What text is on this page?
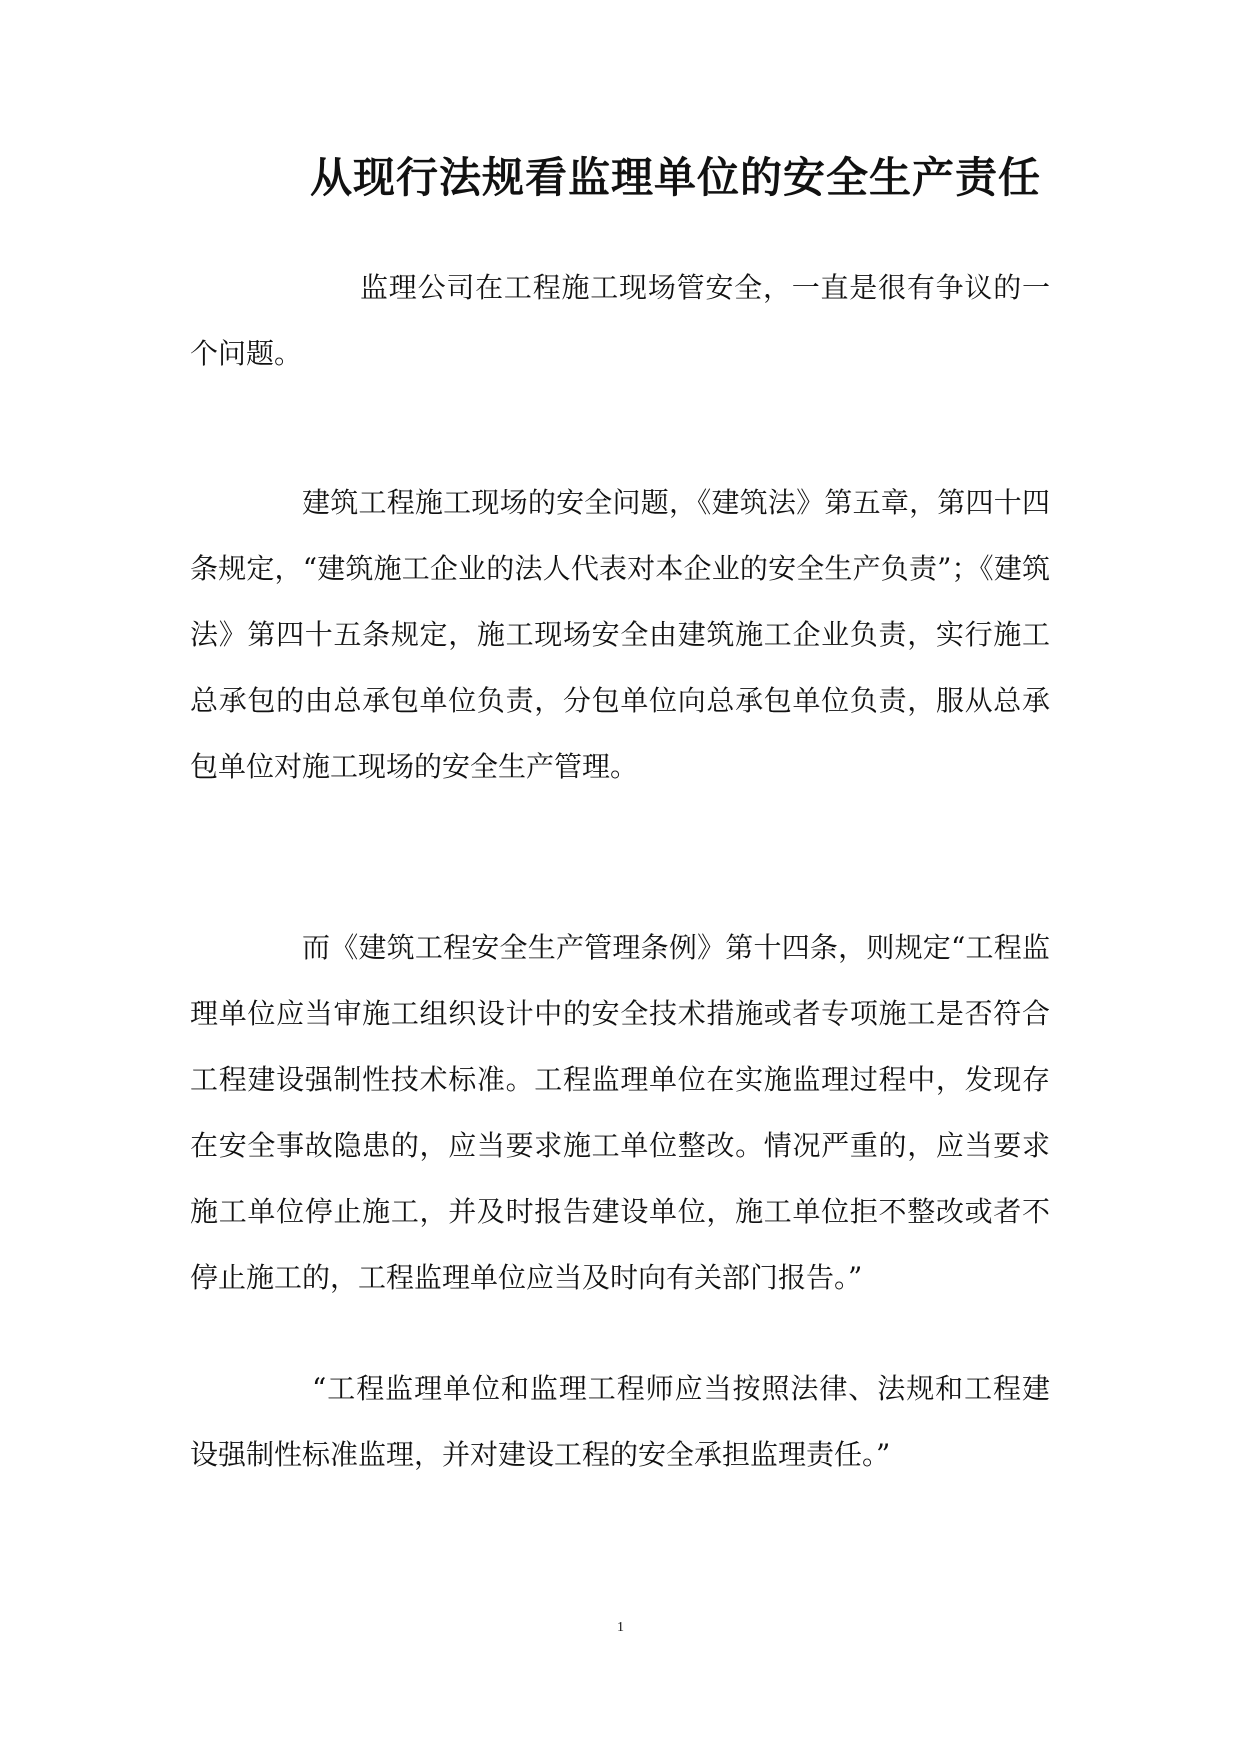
从现行法规看监理单位的安全生产责任

监理公司在工程施工现场管安全，一直是很有争议的一个问题。

建筑工程施工现场的安全问题，《建筑法》第五章，第四十四条规定，“建筑施工企业的法人代表对本企业的安全生产负责”；《建筑法》第四十五条规定，施工现场安全由建筑施工企业负责，实行施工总承包的由总承包单位负责，分包单位向总承包单位负责，服从总承包单位对施工现场的安全生产管理。

而《建筑工程安全生产管理条例》第十四条，则规定“工程监理单位应当审施工组织设计中的安全技术措施或者专项施工是否符合工程建设强制性技术标准。工程监理单位在实施监理过程中，发现存在安全事故隐患的，应当要求施工单位整改。情况严重的，应当要求施工单位停止施工，并及时报告建设单位，施工单位拒不整改或者不停止施工的，工程监理单位应当及时向有关部门报告。”

“工程监理单位和监理工程师应当按照法律、法规和工程建设强制性标准监理，并对建设工程的安全承担监理责任。”

1
